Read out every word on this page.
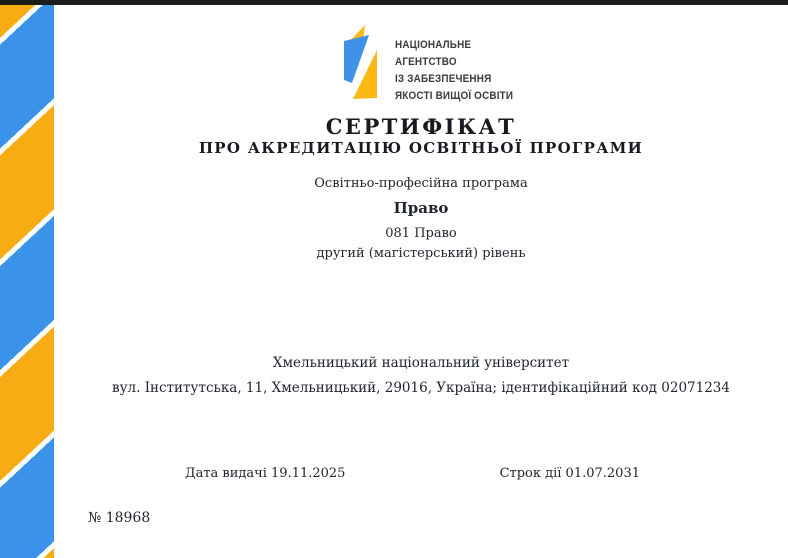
НАЦІОНАЛЬНЕ
АГЕНТСТВО
ІЗ ЗАБЕЗПЕЧЕННЯ
ЯКОСТІ ВИЩОЇ ОСВІТИ
СЕРТИФІКАТ
ПРО АКРЕДИТАЦІЮ ОСВІТНЬОЇ ПРОГРАМИ
Освітньо-професійна програма
Право
081 Право
другий (магістерський) рівень
Хмельницький національний університет
вул. Інститутська, 11, Хмельницький, 29016, Україна; ідентифікаційний код 02071234
Дата видачі 19.11.2025	Строк дії 01.07.2031
№ 18968
